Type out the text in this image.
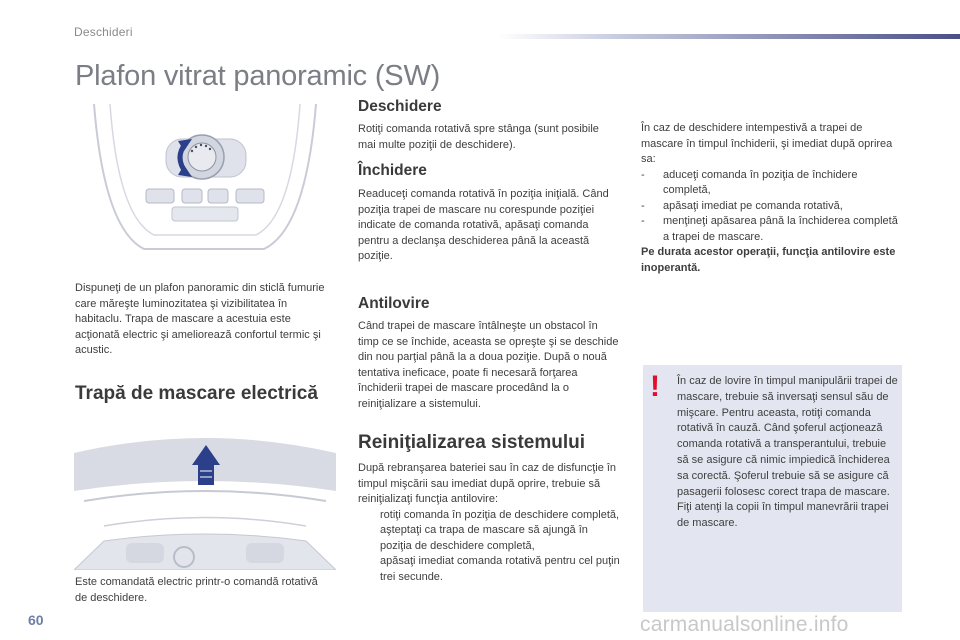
Deschideri
Plafon vitrat panoramic (SW)
Dispuneţi de un plafon panoramic din sticlă fumurie care măreşte luminozitatea şi vizibilitatea în habitaclu. Trapa de mascare a acestuia este acţionată electric şi ameliorează confortul termic şi acustic.
Trapă de mascare electrică
Este comandată electric printr-o comandă rotativă de deschidere.
Deschidere
Rotiţi comanda rotativă spre stânga (sunt posibile mai multe poziţii de deschidere).
Închidere
Readuceţi comanda rotativă în poziţia iniţială. Când poziţia trapei de mascare nu corespunde poziţiei indicate de comanda rotativă, apăsaţi comanda pentru a declanşa deschiderea până la această poziţie.
Antilovire
Când trapei de mascare întâlneşte un obstacol în timp ce se închide, aceasta se opreşte şi se deschide din nou parţial până la a doua poziţie. După o nouă tentativa ineficace, poate fi necesară forţarea închiderii trapei de mascare procedând la o reiniţializare a sistemului.
Reiniţializarea sistemului

După rebranşarea bateriei sau în caz de disfuncţie în timpul mişcării sau imediat după oprire, trebuie să reiniţializaţi funcţia antilovire:

rotiţi comanda în poziţia de deschidere completă,

aşteptaţi ca trapa de mascare să ajungă în poziţia de deschidere completă,

apăsaţi imediat comanda rotativă pentru cel puţin trei secunde.

În caz de deschidere intempestivă a trapei de mascare în timpul închiderii, şi imediat după oprirea sa:

- aduceţi comanda în poziţia de închidere completă,

- apăsaţi imediat pe comanda rotativă,

- menţineţi apăsarea până la închiderea completă a trapei de mascare.

Pe durata acestor operaţii, funcţia antilovire este inoperantă.

!	În caz de lovire în timpul manipulării trapei de mascare, trebuie să inversaţi sensul său de mişcare. Pentru aceasta, rotiţi comanda rotativă în cauză. Când şoferul acţionează comanda rotativă a transperantului, trebuie să se asigure că nimic impiedică închiderea sa corectă. Şoferul trebuie să se asigure că pasagerii folosesc corect trapa de mascare. Fiţi atenţi la copii în timpul manevrării trapei de mascare.
60	carmanualsonline.info
